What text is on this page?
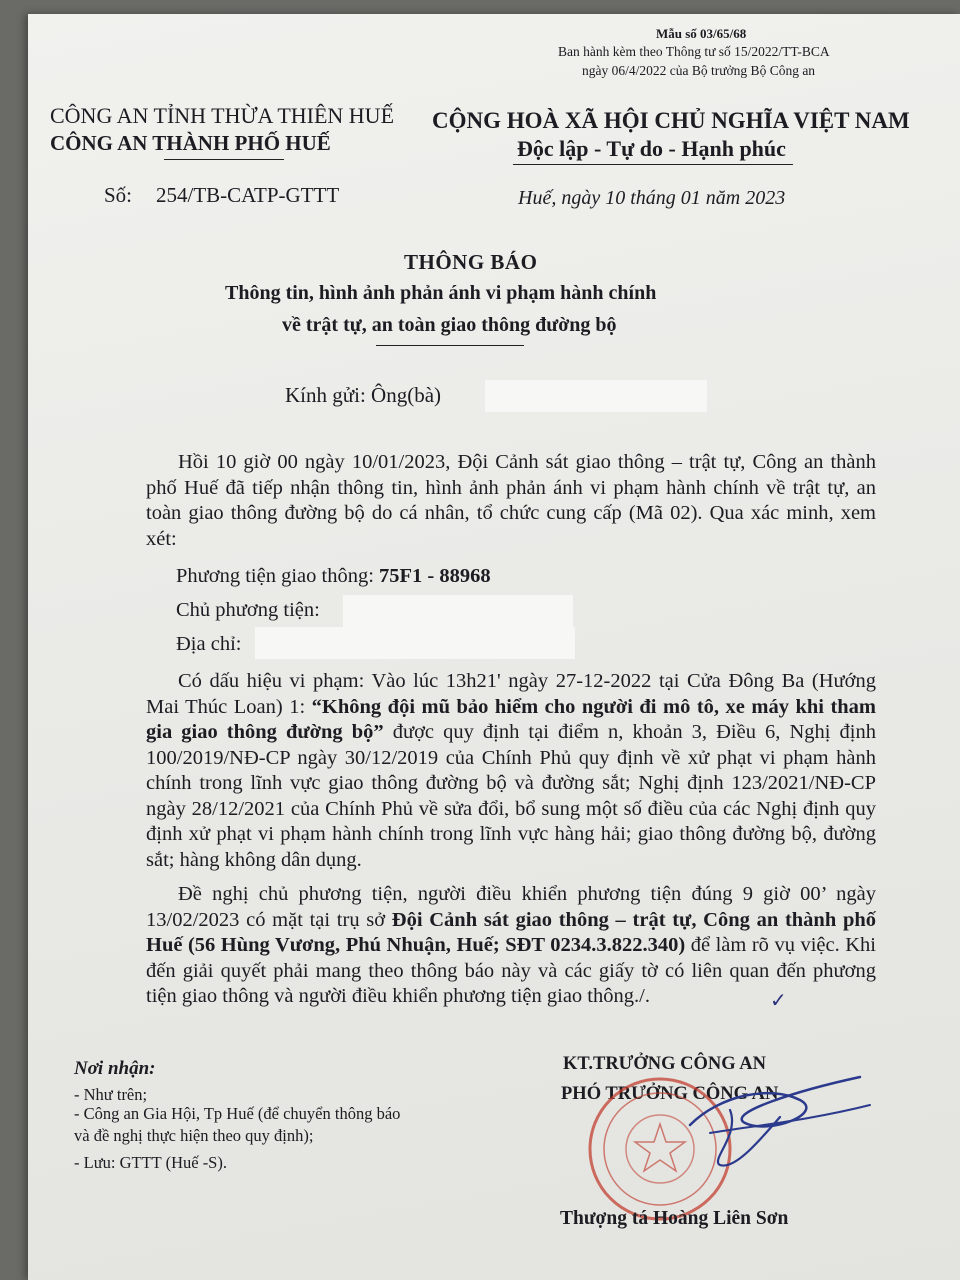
Mẫu số 03/65/68
Ban hành kèm theo Thông tư số 15/2022/TT-BCA
ngày 06/4/2022 của Bộ trưởng Bộ Công an
CÔNG AN TỈNH THỪA THIÊN HUẾ
CÔNG AN THÀNH PHỐ HUẾ
CỘNG HOÀ XÃ HỘI CHỦ NGHĨA VIỆT NAM
Độc lập - Tự do - Hạnh phúc
Số: 254/TB-CATP-GTTT	Huế, ngày 10 tháng 01 năm 2023
THÔNG BÁO
Thông tin, hình ảnh phản ánh vi phạm hành chính
về trật tự, an toàn giao thông đường bộ
Kính gửi: Ông(bà)

Hồi 10 giờ 00 ngày 10/01/2023, Đội Cảnh sát giao thông – trật tự, Công an thành phố Huế đã tiếp nhận thông tin, hình ảnh phản ánh vi phạm hành chính về trật tự, an toàn giao thông đường bộ do cá nhân, tổ chức cung cấp (Mã 02). Qua xác minh, xem xét:

Phương tiện giao thông: 75F1 - 88968
Chủ phương tiện:
Địa chỉ:

Có dấu hiệu vi phạm: Vào lúc 13h21' ngày 27-12-2022 tại Cửa Đông Ba (Hướng Mai Thúc Loan) 1: “Không đội mũ bảo hiểm cho người đi mô tô, xe máy khi tham gia giao thông đường bộ” được quy định tại điểm n, khoản 3, Điều 6, Nghị định 100/2019/NĐ-CP ngày 30/12/2019 của Chính Phủ quy định về xử phạt vi phạm hành chính trong lĩnh vực giao thông đường bộ và đường sắt; Nghị định 123/2021/NĐ-CP ngày 28/12/2021 của Chính Phủ về sửa đổi, bổ sung một số điều của các Nghị định quy định xử phạt vi phạm hành chính trong lĩnh vực hàng hải; giao thông đường bộ, đường sắt; hàng không dân dụng.

Đề nghị chủ phương tiện, người điều khiển phương tiện đúng 9 giờ 00’ ngày 13/02/2023 có mặt tại trụ sở Đội Cảnh sát giao thông – trật tự, Công an thành phố Huế (56 Hùng Vương, Phú Nhuận, Huế; SĐT 0234.3.822.340) để làm rõ vụ việc. Khi đến giải quyết phải mang theo thông báo này và các giấy tờ có liên quan đến phương tiện giao thông và người điều khiển phương tiện giao thông./.	✓
Nơi nhận:
- Như trên;
- Công an Gia Hội, Tp Huế (để chuyển thông báo
và đề nghị thực hiện theo quy định);
- Lưu: GTTT (Huế -S).
KT.TRƯỞNG CÔNG AN
PHÓ TRƯỞNG CÔNG AN
Thượng tá Hoàng Liên Sơn
